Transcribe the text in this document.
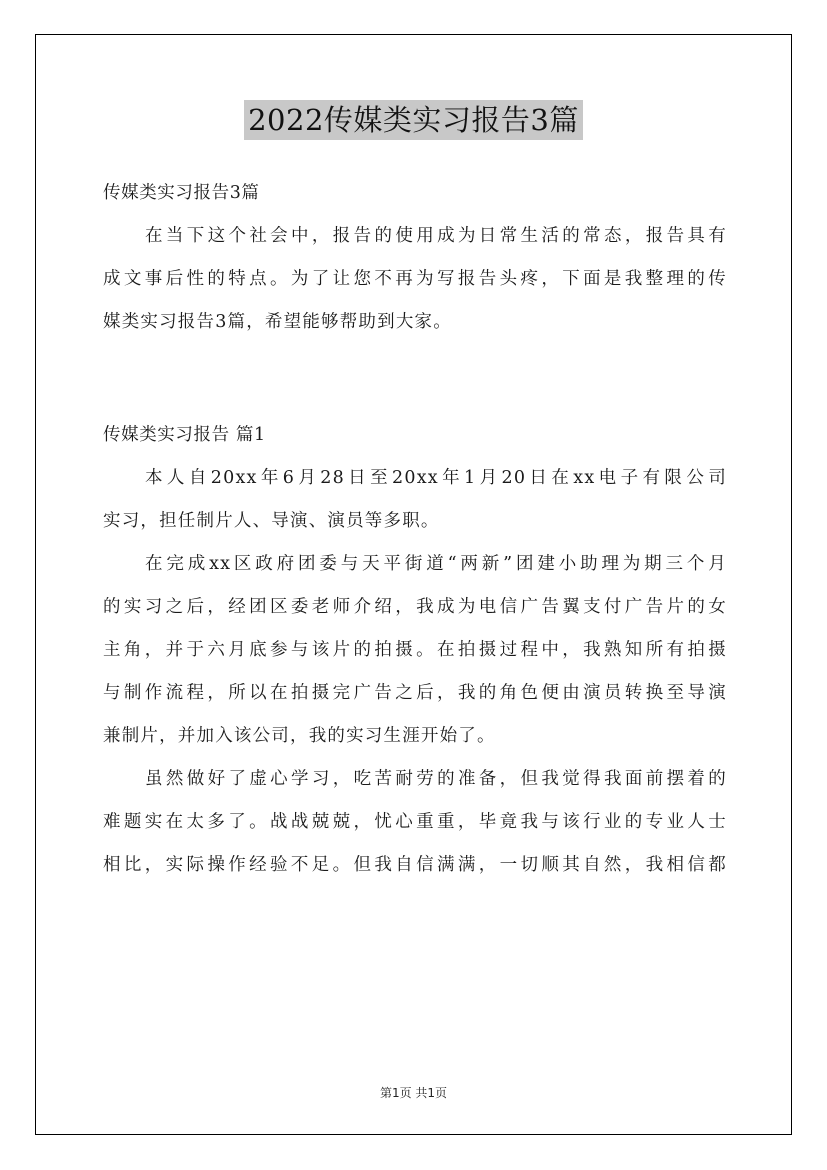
2022传媒类实习报告3篇
传媒类实习报告3篇
在当下这个社会中，报告的使用成为日常生活的常态，报告具有
成文事后性的特点。为了让您不再为写报告头疼，下面是我整理的传
媒类实习报告3篇，希望能够帮助到大家。
传媒类实习报告 篇1
本人自20xx年6月28日至20xx年1月20日在xx电子有限公司
实习，担任制片人、导演、演员等多职。
在完成xx区政府团委与天平街道“两新”团建小助理为期三个月
的实习之后，经团区委老师介绍，我成为电信广告翼支付广告片的女
主角，并于六月底参与该片的拍摄。在拍摄过程中，我熟知所有拍摄
与制作流程，所以在拍摄完广告之后，我的角色便由演员转换至导演
兼制片，并加入该公司，我的实习生涯开始了。
虽然做好了虚心学习，吃苦耐劳的准备，但我觉得我面前摆着的
难题实在太多了。战战兢兢，忧心重重，毕竟我与该行业的专业人士
相比，实际操作经验不足。但我自信满满，一切顺其自然，我相信都
第1页 共1页
